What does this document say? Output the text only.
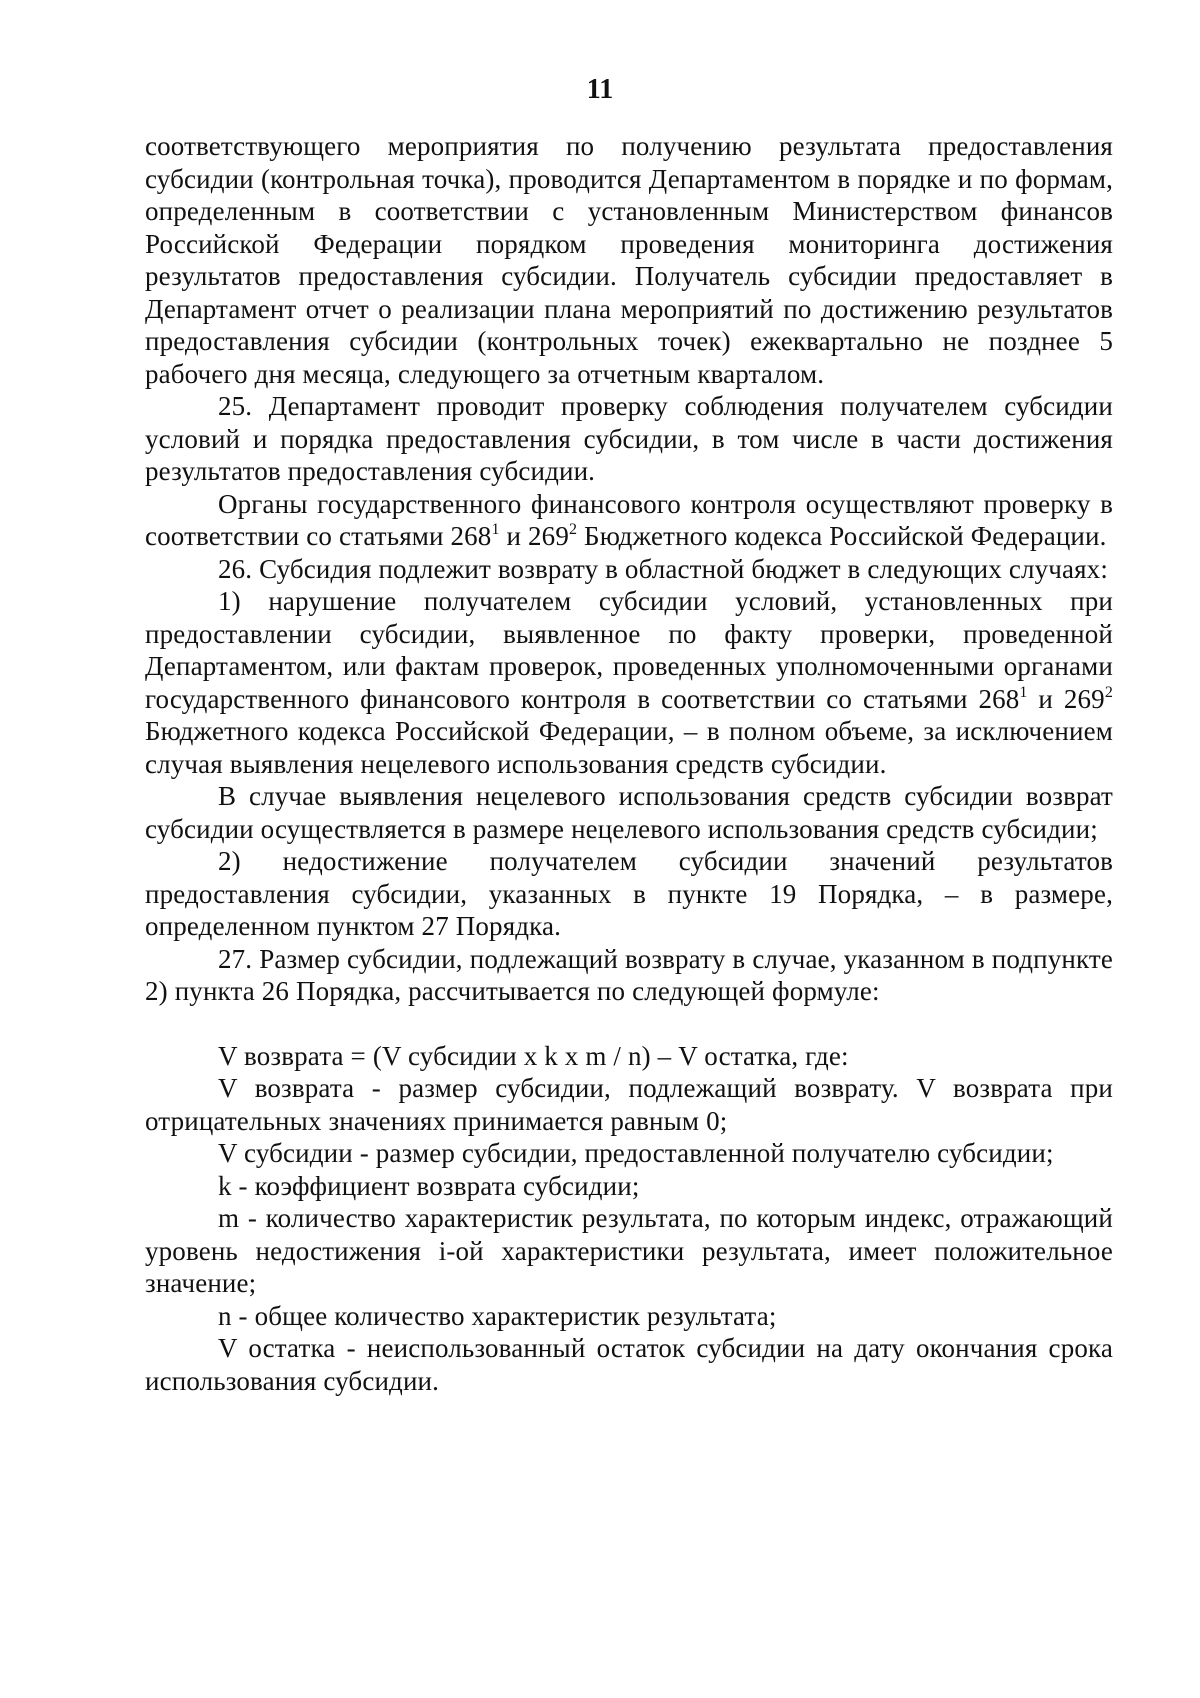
11

соответствующего мероприятия по получению результата предоставления субсидии (контрольная точка), проводится Департаментом в порядке и по формам, определенным в соответствии с установленным Министерством финансов Российской Федерации порядком проведения мониторинга достижения результатов предоставления субсидии. Получатель субсидии предоставляет в Департамент отчет о реализации плана мероприятий по достижению результатов предоставления субсидии (контрольных точек) ежеквартально не позднее 5 рабочего дня месяца, следующего за отчетным кварталом.

25. Департамент проводит проверку соблюдения получателем субсидии условий и порядка предоставления субсидии, в том числе в части достижения результатов предоставления субсидии.

Органы государственного финансового контроля осуществляют проверку в соответствии со статьями $268^1$ и $269^2$ Бюджетного кодекса Российской Федерации.

26. Субсидия подлежит возврату в областной бюджет в следующих случаях:

1) нарушение получателем субсидии условий, установленных при предоставлении субсидии, выявленное по факту проверки, проведенной Департаментом, или фактам проверок, проведенных уполномоченными органами государственного финансового контроля в соответствии со статьями $268^1$ и $269^2$ Бюджетного кодекса Российской Федерации, – в полном объеме, за исключением случая выявления нецелевого использования средств субсидии.

В случае выявления нецелевого использования средств субсидии возврат субсидии осуществляется в размере нецелевого использования средств субсидии;

2) недостижение получателем субсидии значений результатов предоставления субсидии, указанных в пункте 19 Порядка, – в размере, определенном пунктом 27 Порядка.

27. Размер субсидии, подлежащий возврату в случае, указанном в подпункте 2) пункта 26 Порядка, рассчитывается по следующей формуле:

V возврата = (V субсидии x k x m / n) – V остатка, где:

V возврата - размер субсидии, подлежащий возврату. V возврата при отрицательных значениях принимается равным 0;

V субсидии - размер субсидии, предоставленной получателю субсидии;

k - коэффициент возврата субсидии;

m - количество характеристик результата, по которым индекс, отражающий уровень недостижения i-ой характеристики результата, имеет положительное значение;

n - общее количество характеристик результата;

V остатка - неиспользованный остаток субсидии на дату окончания срока использования субсидии.
